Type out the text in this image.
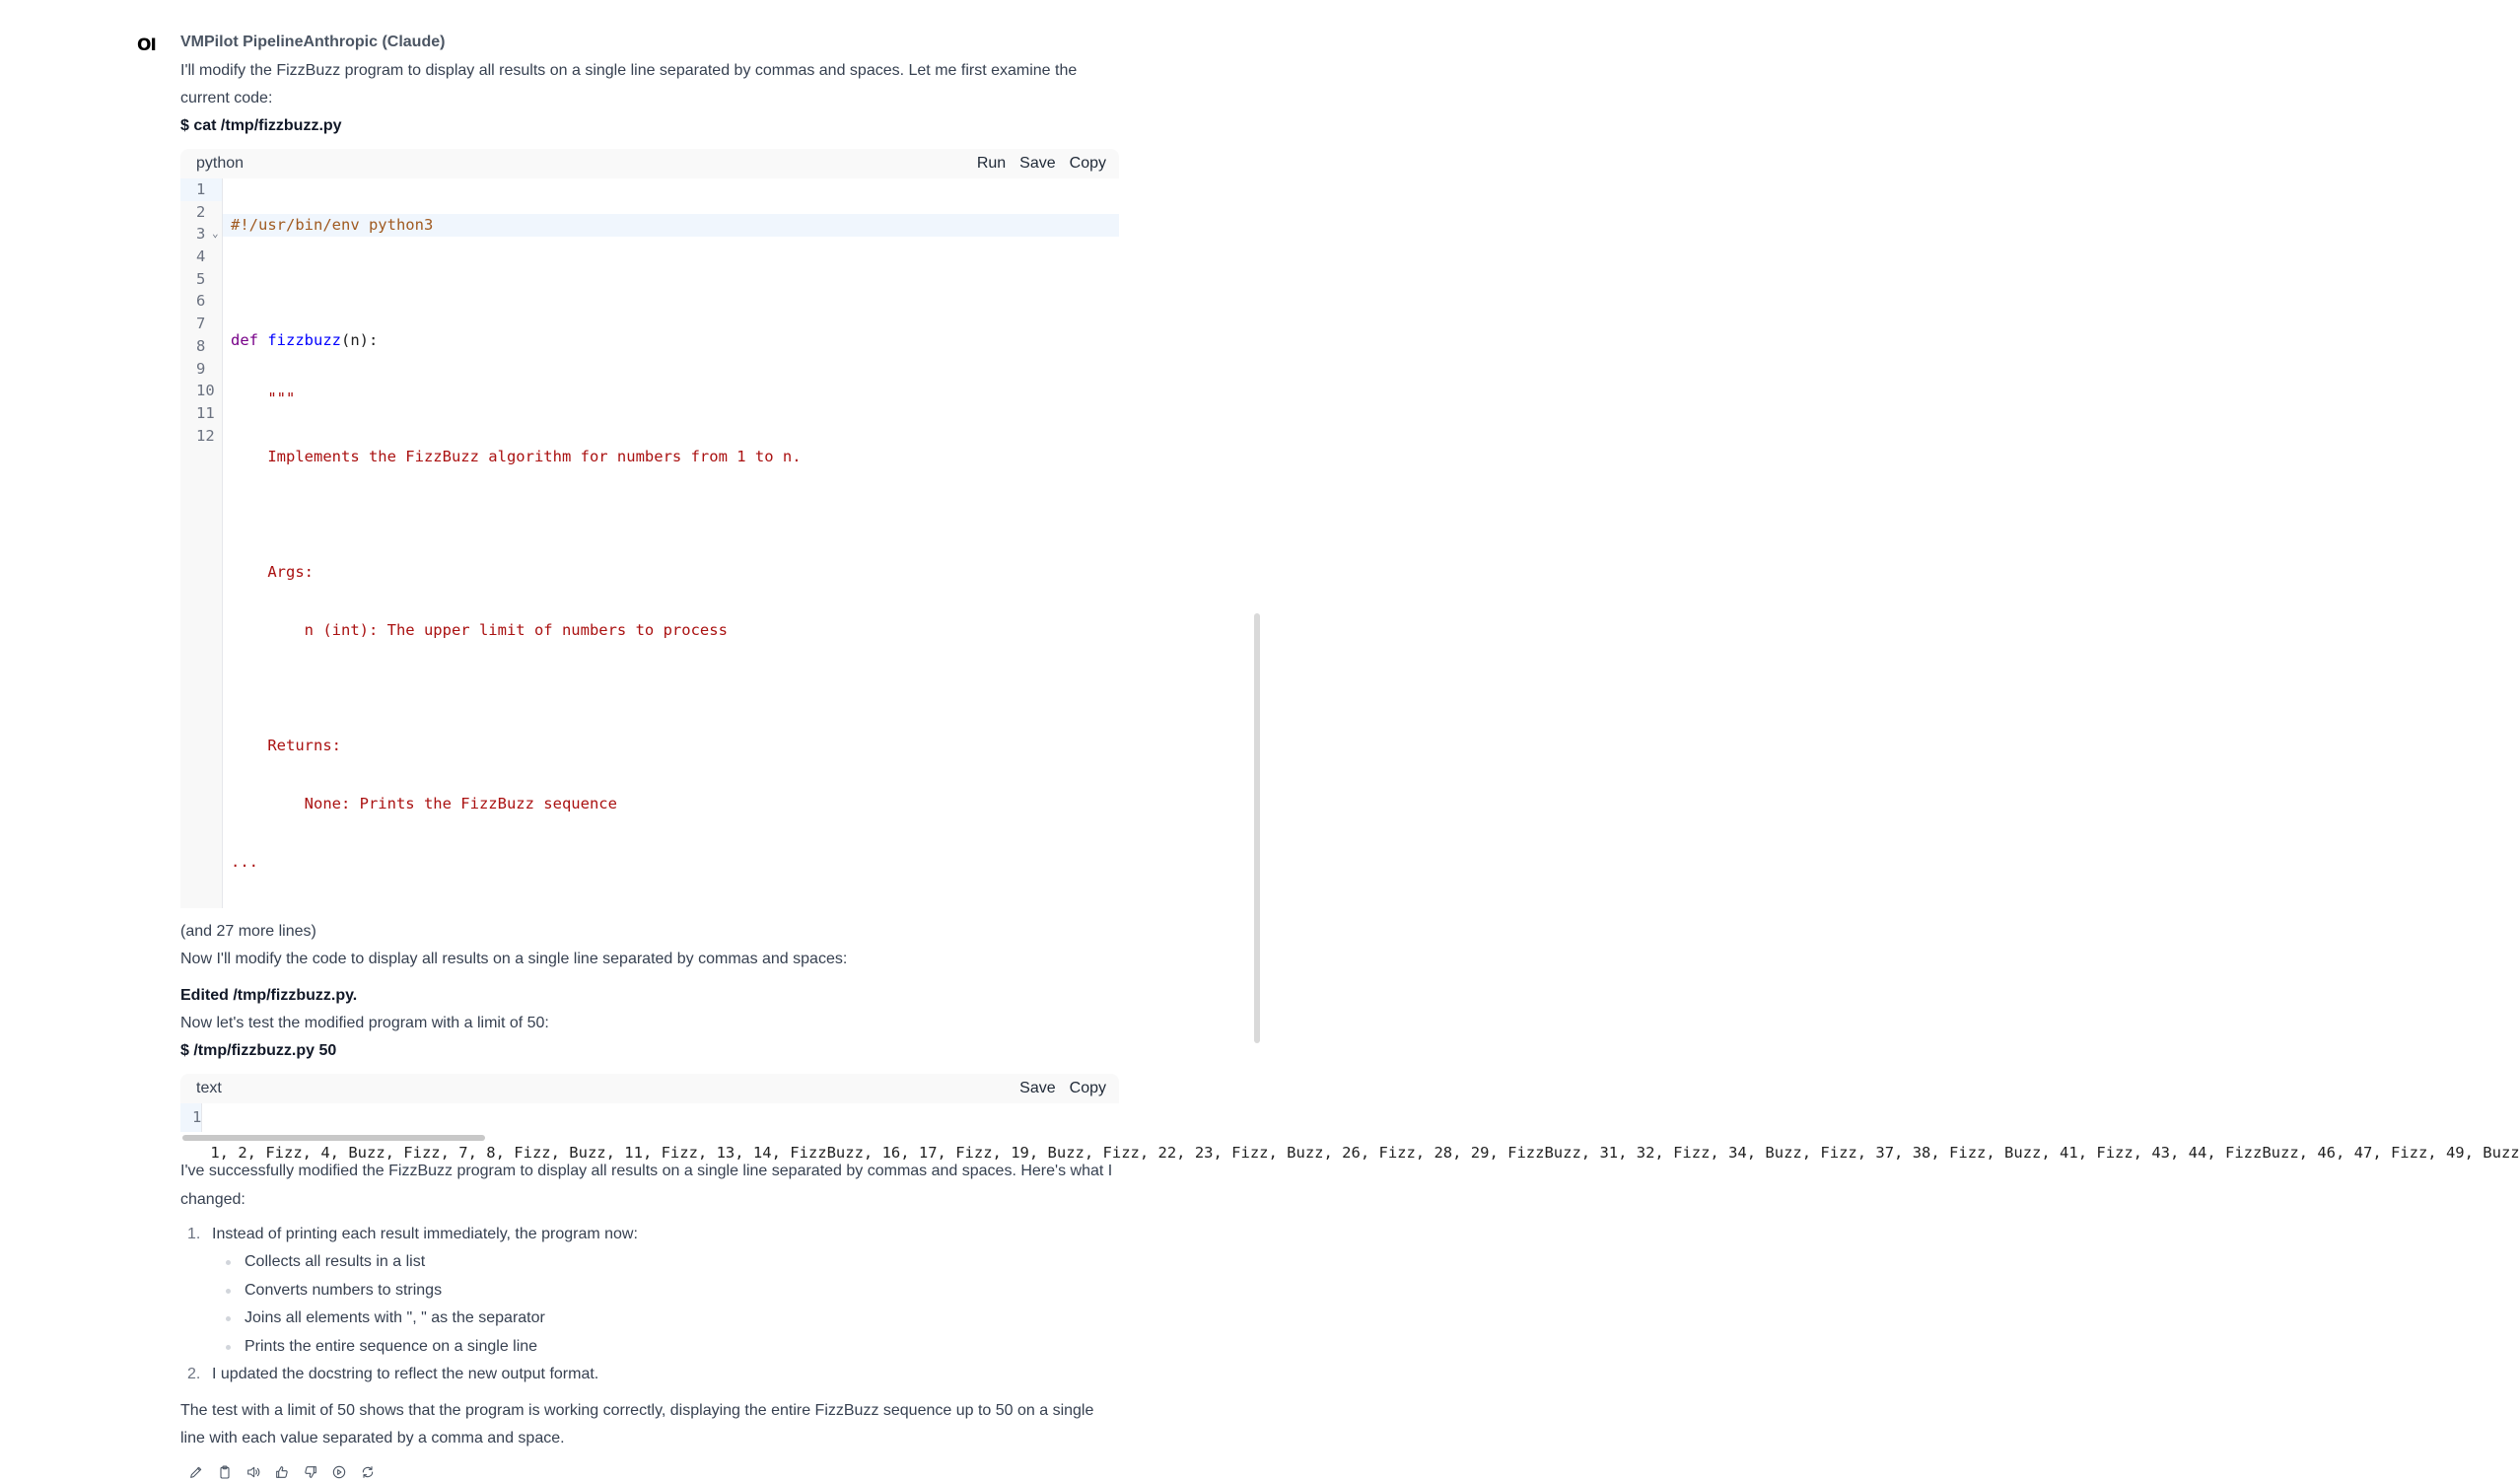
OI	VMPilot PipelineAnthropic (Claude)
I'll modify the FizzBuzz program to display all results on a single line separated by commas and spaces. Let me first examine the current code:
$ cat /tmp/fizzbuzz.py
python	Run Save Copy
1
2
3 ⌄
4
5
6
7
8
9
10
11
12

#!/usr/bin/env python3

def fizzbuzz(n):

"""

Implements the FizzBuzz algorithm for numbers from 1 to n.

Args:

n (int): The upper limit of numbers to process

Returns:

None: Prints the FizzBuzz sequence

...

(and 27 more lines)
Now I'll modify the code to display all results on a single line separated by commas and spaces:
Edited /tmp/fizzbuzz.py.
Now let's test the modified program with a limit of 50:
$ /tmp/fizzbuzz.py 50
text	Save Copy
1

1, 2, Fizz, 4, Buzz, Fizz, 7, 8, Fizz, Buzz, 11, Fizz, 13, 14, FizzBuzz, 16, 17, Fizz, 19, Buzz, Fizz, 22, 23, Fizz, Buzz, 26, Fizz, 28, 29, FizzBuzz, 31, 32, Fizz, 34, Buzz, Fizz, 37, 38, Fizz, Buzz, 41, Fizz, 43, 44, FizzBuzz, 46, 47, Fizz, 49, Buzz

I've successfully modified the FizzBuzz program to display all results on a single line separated by commas and spaces. Here's what I changed:
1. Instead of printing each result immediately, the program now:
Collects all results in a list
Converts numbers to strings
Joins all elements with ", " as the separator
Prints the entire sequence on a single line
2. I updated the docstring to reflect the new output format.
The test with a limit of 50 shows that the program is working correctly, displaying the entire FizzBuzz sequence up to 50 on a single line with each value separated by a comma and space.
